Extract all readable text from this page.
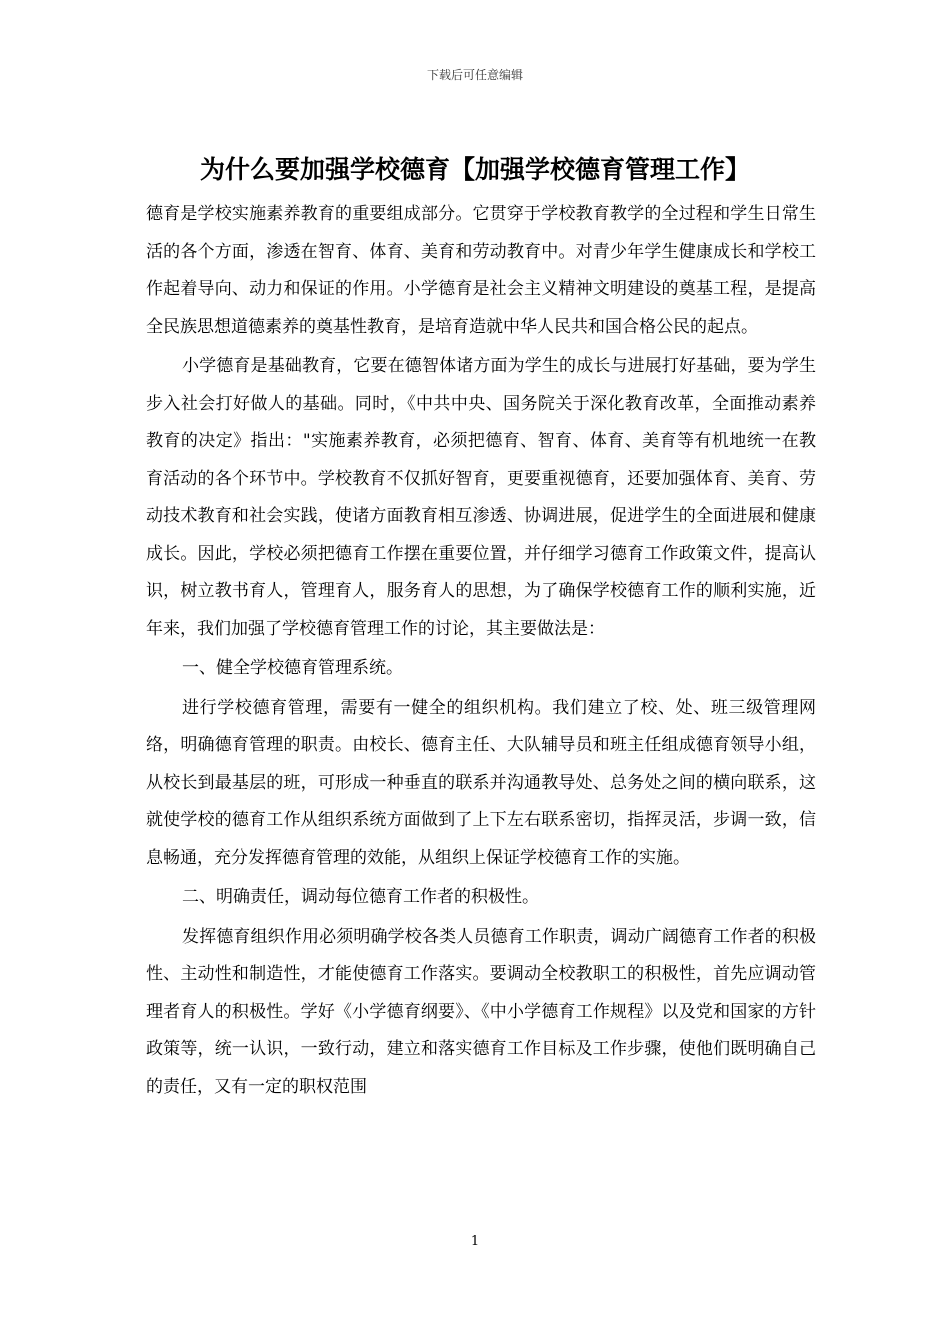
下载后可任意编辑
为什么要加强学校德育【加强学校德育管理工作】

德育是学校实施素养教育的重要组成部分。它贯穿于学校教育教学的全过程和学生日常生活的各个方面，渗透在智育、体育、美育和劳动教育中。对青少年学生健康成长和学校工作起着导向、动力和保证的作用。小学德育是社会主义精神文明建设的奠基工程，是提高全民族思想道德素养的奠基性教育，是培育造就中华人民共和国合格公民的起点。

小学德育是基础教育，它要在德智体诸方面为学生的成长与进展打好基础，要为学生步入社会打好做人的基础。同时，《中共中央、国务院关于深化教育改革，全面推动素养教育的决定》指出："实施素养教育，必须把德育、智育、体育、美育等有机地统一在教育活动的各个环节中。学校教育不仅抓好智育，更要重视德育，还要加强体育、美育、劳动技术教育和社会实践，使诸方面教育相互渗透、协调进展，促进学生的全面进展和健康成长。因此，学校必须把德育工作摆在重要位置，并仔细学习德育工作政策文件，提高认识，树立教书育人，管理育人，服务育人的思想，为了确保学校德育工作的顺利实施，近年来，我们加强了学校德育管理工作的讨论，其主要做法是：

一、健全学校德育管理系统。

进行学校德育管理，需要有一健全的组织机构。我们建立了校、处、班三级管理网络，明确德育管理的职责。由校长、德育主任、大队辅导员和班主任组成德育领导小组，从校长到最基层的班，可形成一种垂直的联系并沟通教导处、总务处之间的横向联系，这就使学校的德育工作从组织系统方面做到了上下左右联系密切，指挥灵活，步调一致，信息畅通，充分发挥德育管理的效能，从组织上保证学校德育工作的实施。

二、明确责任，调动每位德育工作者的积极性。

发挥德育组织作用必须明确学校各类人员德育工作职责，调动广阔德育工作者的积极性、主动性和制造性，才能使德育工作落实。要调动全校教职工的积极性，首先应调动管理者育人的积极性。学好《小学德育纲要》、《中小学德育工作规程》以及党和国家的方针政策等，统一认识，一致行动，建立和落实德育工作目标及工作步骤，使他们既明确自己的责任，又有一定的职权范围

1
